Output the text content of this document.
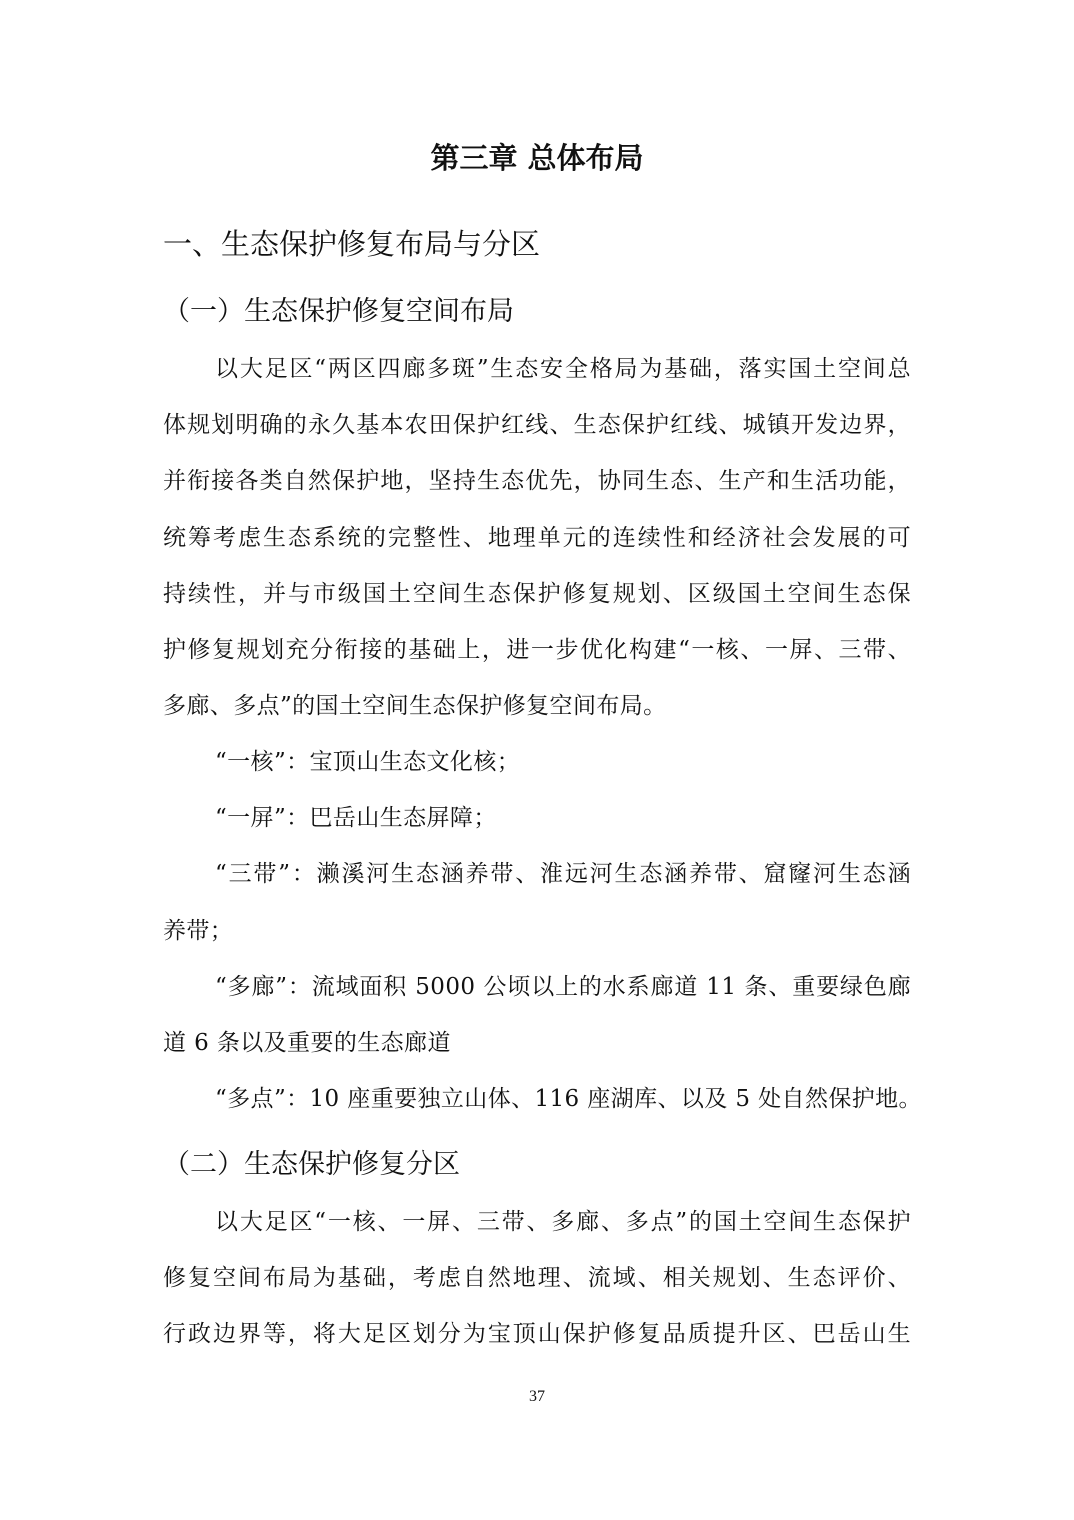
第三章 总体布局
一、生态保护修复布局与分区
（一）生态保护修复空间布局
以大足区“两区四廊多斑”生态安全格局为基础，落实国土空间总
体规划明确的永久基本农田保护红线、生态保护红线、城镇开发边界，
并衔接各类自然保护地，坚持生态优先，协同生态、生产和生活功能，
统筹考虑生态系统的完整性、地理单元的连续性和经济社会发展的可
持续性，并与市级国土空间生态保护修复规划、区级国土空间生态保
护修复规划充分衔接的基础上，进一步优化构建“一核、一屏、三带、
多廊、多点”的国土空间生态保护修复空间布局。
“一核”：宝顶山生态文化核；
“一屏”：巴岳山生态屏障；
“三带”：濑溪河生态涵养带、淮远河生态涵养带、窟窿河生态涵
养带；
“多廊”：流域面积 5000 公顷以上的水系廊道 11 条、重要绿色廊
道 6 条以及重要的生态廊道
“多点”：10 座重要独立山体、116 座湖库、以及 5 处自然保护地。
（二）生态保护修复分区
以大足区“一核、一屏、三带、多廊、多点”的国土空间生态保护
修复空间布局为基础，考虑自然地理、流域、相关规划、生态评价、
行政边界等，将大足区划分为宝顶山保护修复品质提升区、巴岳山生
37
